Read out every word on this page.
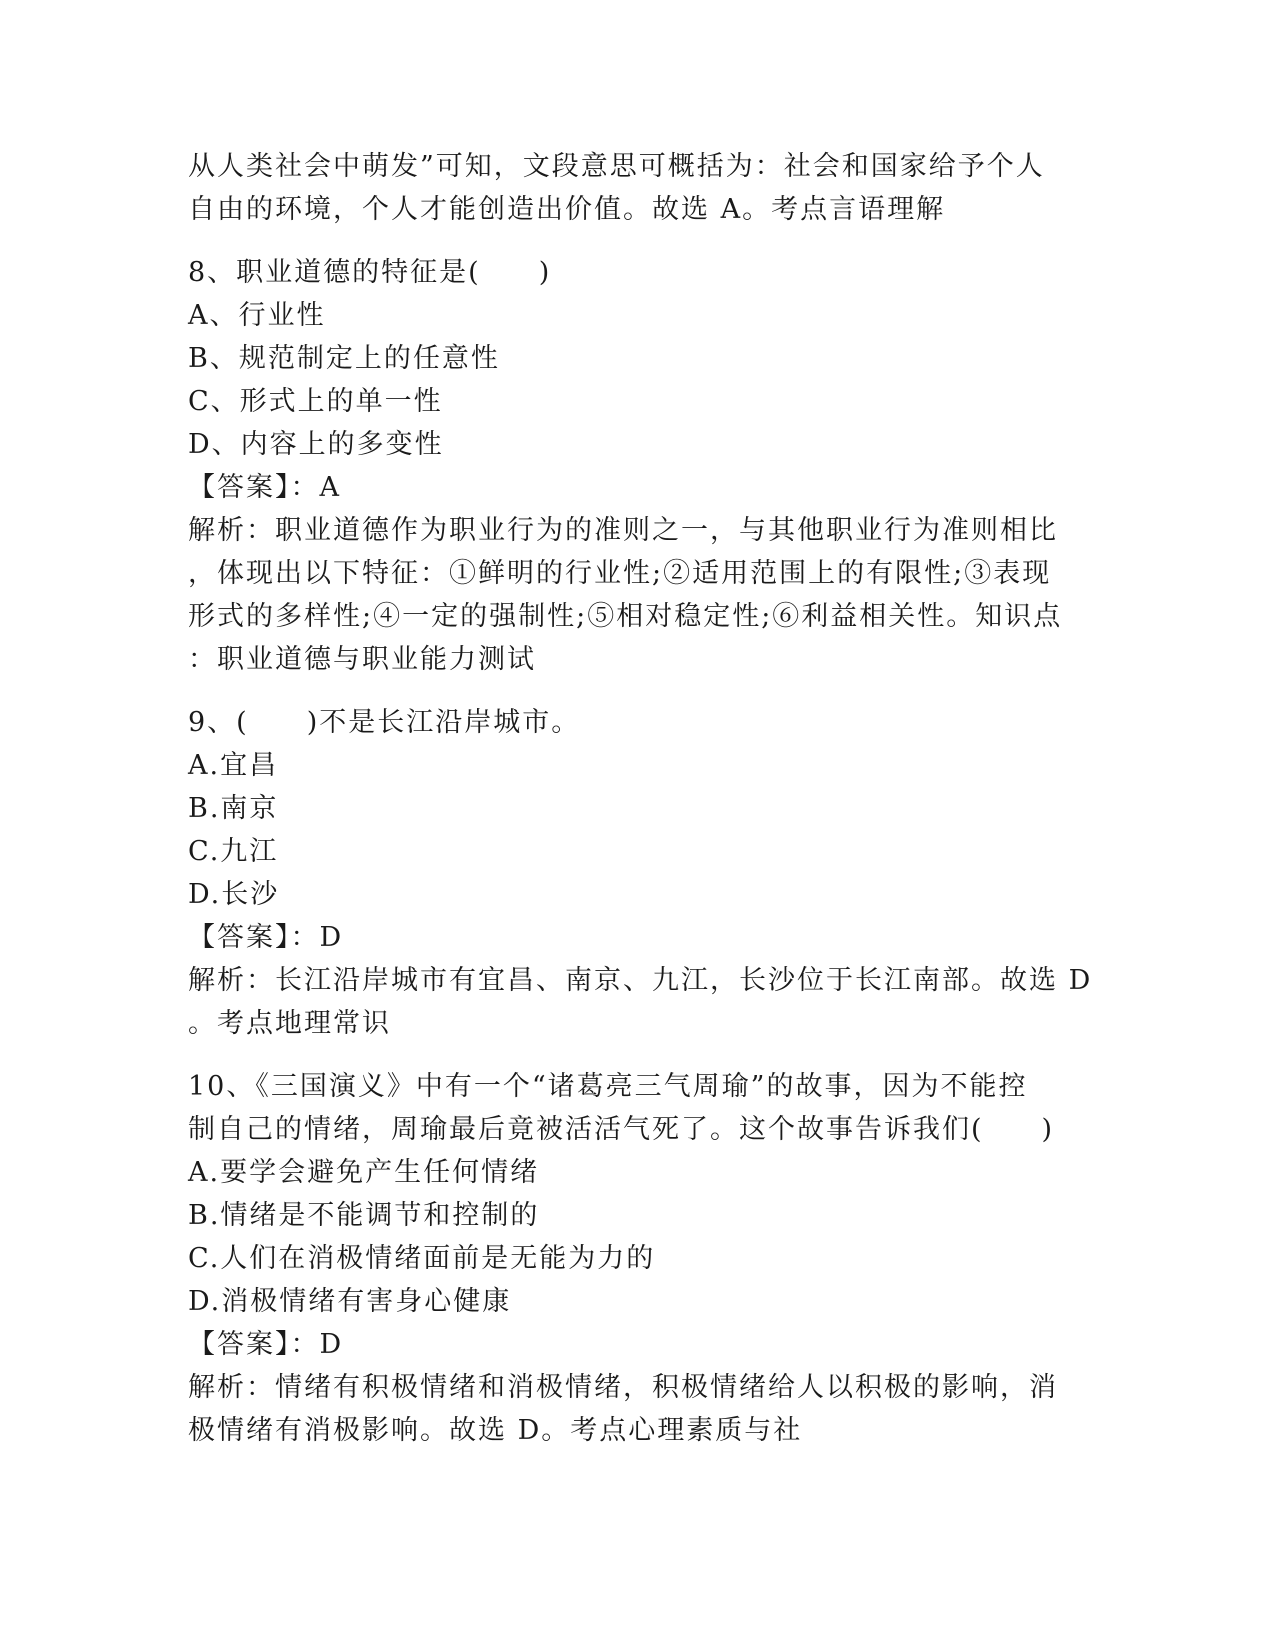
从人类社会中萌发”可知，文段意思可概括为：社会和国家给予个人
自由的环境，个人才能创造出价值。故选 A。考点言语理解
8、职业道德的特征是(　　)
A、行业性
B、规范制定上的任意性
C、形式上的单一性
D、内容上的多变性
【答案】：A
解析：职业道德作为职业行为的准则之一，与其他职业行为准则相比
，体现出以下特征：①鲜明的行业性;②适用范围上的有限性;③表现
形式的多样性;④一定的强制性;⑤相对稳定性;⑥利益相关性。知识点
：职业道德与职业能力测试
9、(　　)不是长江沿岸城市。
A.宜昌
B.南京
C.九江
D.长沙
【答案】：D
解析：长江沿岸城市有宜昌、南京、九江，长沙位于长江南部。故选 D
。考点地理常识
10、《三国演义》中有一个“诸葛亮三气周瑜”的故事，因为不能控
制自己的情绪，周瑜最后竟被活活气死了。这个故事告诉我们(　　)
A.要学会避免产生任何情绪
B.情绪是不能调节和控制的
C.人们在消极情绪面前是无能为力的
D.消极情绪有害身心健康
【答案】：D
解析：情绪有积极情绪和消极情绪，积极情绪给人以积极的影响，消
极情绪有消极影响。故选 D。考点心理素质与社
